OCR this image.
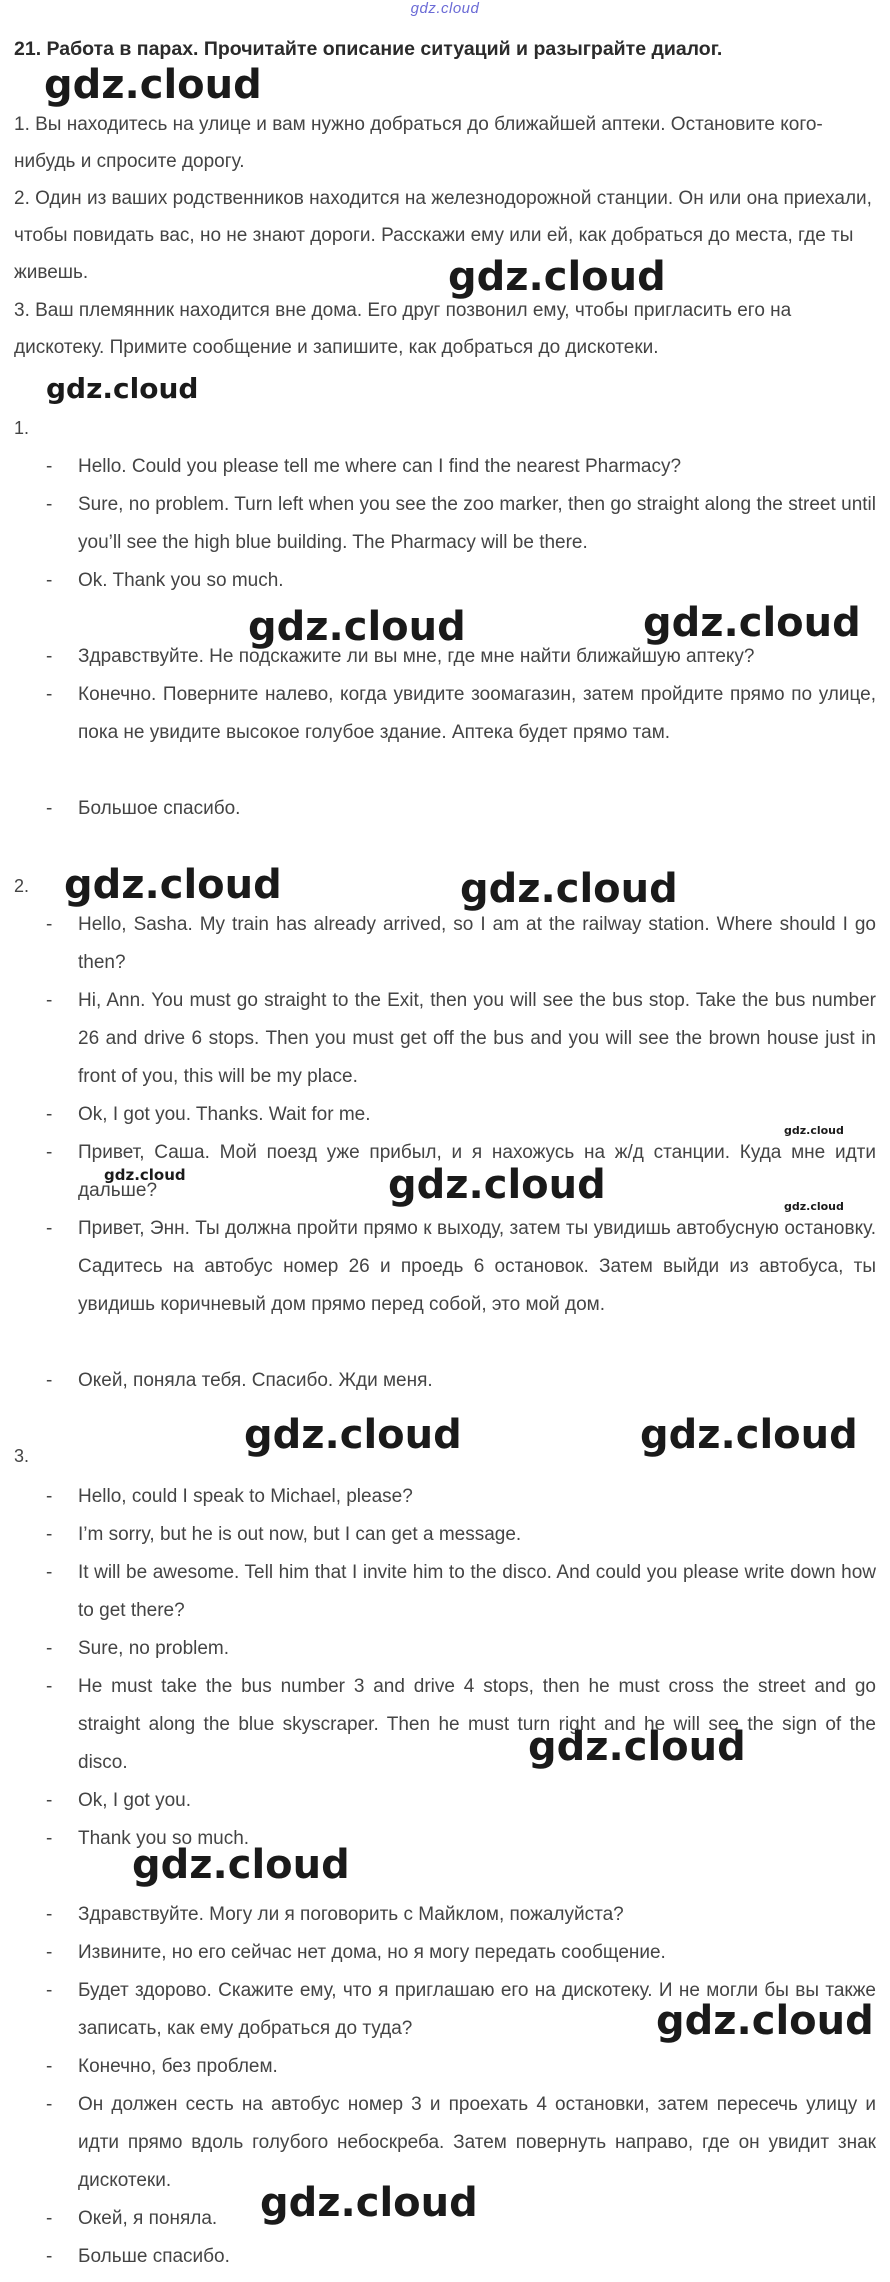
gdz.cloud
21. Работа в парах. Прочитайте описание ситуаций и разыграйте диалог.
1. Вы находитесь на улице и вам нужно добраться до ближайшей аптеки. Остановите кого-нибудь и спросите дорогу.
2. Один из ваших родственников находится на железнодорожной станции. Он или она приехали, чтобы повидать вас, но не знают дороги. Расскажи ему или ей, как добраться до места, где ты живешь.
3. Ваш племянник находится вне дома. Его друг позвонил ему, чтобы пригласить его на дискотеку. Примите сообщение и запишите, как добраться до дискотеки.
1.
-	Hello. Could you please tell me where can I find the nearest Pharmacy?
-	Sure, no problem. Turn left when you see the zoo marker, then go straight along the street until you’ll see the high blue building. The Pharmacy will be there.
-	Ok. Thank you so much.
-	Здравствуйте. Не подскажите ли вы мне, где мне найти ближайшую аптеку?
-	Конечно. Поверните налево, когда увидите зоомагазин, затем пройдите прямо по улице, пока не увидите высокое голубое здание. Аптека будет прямо там.
-	Большое спасибо.
2.
-	Hello, Sasha. My train has already arrived, so I am at the railway station. Where should I go then?
-	Hi, Ann. You must go straight to the Exit, then you will see the bus stop. Take the bus number 26 and drive 6 stops. Then you must get off the bus and you will see the brown house just in front of you, this will be my place.
-	Ok, I got you. Thanks. Wait for me.
-	Привет, Саша. Мой поезд уже прибыл, и я нахожусь на ж/д станции. Куда мне идти дальше?
-	Привет, Энн. Ты должна пройти прямо к выходу, затем ты увидишь автобусную остановку. Садитесь на автобус номер 26 и проедь 6 остановок. Затем выйди из автобуса, ты увидишь коричневый дом прямо перед собой, это мой дом.
-	Окей, поняла тебя. Спасибо. Жди меня.
3.
-	Hello, could I speak to Michael, please?
-	I’m sorry, but he is out now, but I can get a message.
-	It will be awesome. Tell him that I invite him to the disco. And could you please write down how to get there?
-	Sure, no problem.
-	He must take the bus number 3 and drive 4 stops, then he must cross the street and go straight along the blue skyscraper. Then he must turn right and he will see the sign of the disco.
-	Ok, I got you.
-	Thank you so much.
-	Здравствуйте. Могу ли я поговорить с Майклом, пожалуйста?
-	Извините, но его сейчас нет дома, но я могу передать сообщение.
-	Будет здорово. Скажите ему, что я приглашаю его на дискотеку. И не могли бы вы также записать, как ему добраться до туда?
-	Конечно, без проблем.
-	Он должен сесть на автобус номер 3 и проехать 4 остановки, затем пересечь улицу и идти прямо вдоль голубого небоскреба. Затем повернуть направо, где он увидит знак дискотеки.
-	Окей, я поняла.
-	Больше спасибо.
gdz.cloud
gdz.cloud
gdz.cloud
gdz.cloud	gdz.cloud
gdz.cloud	gdz.cloud
gdz.cloud
gdz.cloud
gdz.cloud
gdz.cloud
gdz.cloud	gdz.cloud
gdz.cloud
gdz.cloud
gdz.cloud
gdz.cloud
